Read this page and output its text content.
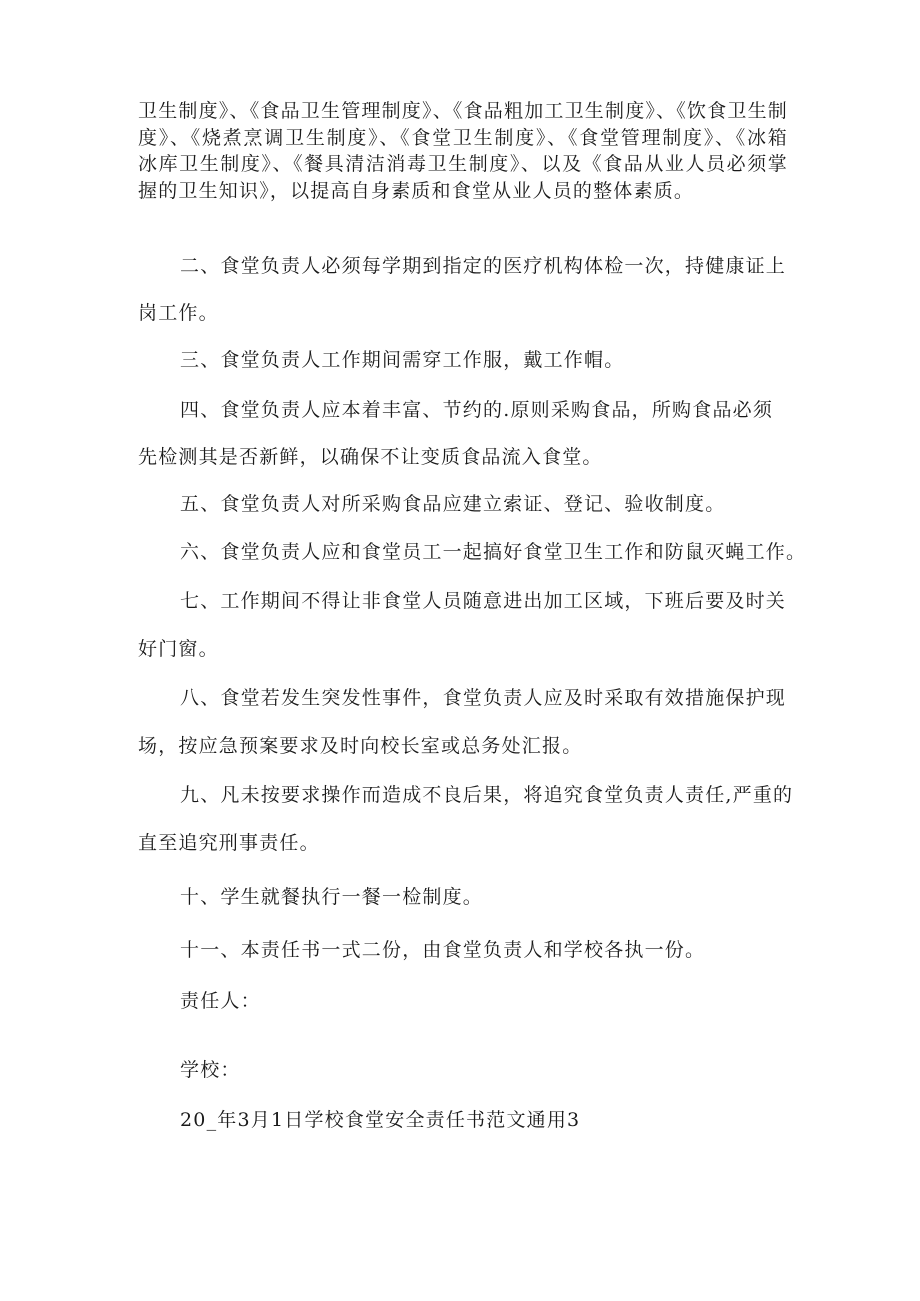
卫生制度》、《食品卫生管理制度》、《食品粗加工卫生制度》、《饮食卫生制度》、《烧煮烹调卫生制度》、《食堂卫生制度》、《食堂管理制度》、《冰箱冰库卫生制度》、《餐具清洁消毒卫生制度》、以及《食品从业人员必须掌握的卫生知识》，以提高自身素质和食堂从业人员的整体素质。

二、食堂负责人必须每学期到指定的医疗机构体检一次，持健康证上

岗工作。

三、食堂负责人工作期间需穿工作服，戴工作帽。

四、食堂负责人应本着丰富、节约的.原则采购食品，所购食品必须

先检测其是否新鲜，以确保不让变质食品流入食堂。

五、食堂负责人对所采购食品应建立索证、登记、验收制度。

六、食堂负责人应和食堂员工一起搞好食堂卫生工作和防鼠灭蝇工作。

七、工作期间不得让非食堂人员随意进出加工区域，下班后要及时关

好门窗。

八、食堂若发生突发性事件，食堂负责人应及时采取有效措施保护现

场，按应急预案要求及时向校长室或总务处汇报。

九、凡未按要求操作而造成不良后果，将追究食堂负责人责任,严重的

直至追究刑事责任。

十、学生就餐执行一餐一检制度。

十一、本责任书一式二份，由食堂负责人和学校各执一份。

责任人：

学校：

20_年3月1日学校食堂安全责任书范文通用3
